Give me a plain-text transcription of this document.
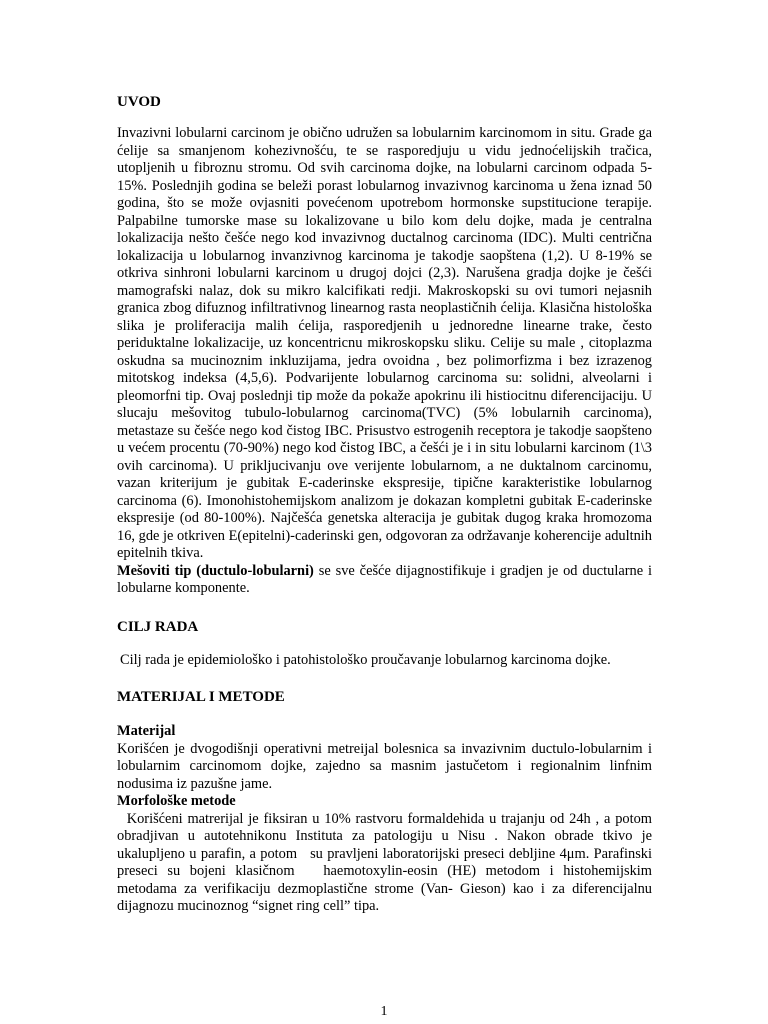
UVOD

Invazivni lobularni carcinom je obično udružen sa lobularnim karcinomom in situ. Grade ga ćelije sa smanjenom kohezivnošću, te se rasporedjuju u vidu jednoćelijskih tračica, utopljenih u fibroznu stromu. Od svih carcinoma dojke, na lobularni carcinom odpada 5-15%. Poslednjih godina se beleži porast lobularnog invazivnog karcinoma u žena iznad 50 godina, što se može ovjasniti povećenom upotrebom hormonske supstitucione terapije. Palpabilne tumorske mase su lokalizovane u bilo kom delu dojke, mada je centralna lokalizacija nešto češće nego kod invazivnog ductalnog carcinoma (IDC). Multi centrična lokalizacija u lobularnog invanzivnog karcinoma je takodje saopštena (1,2). U 8-19% se otkriva sinhroni lobularni karcinom u drugoj dojci (2,3). Narušena gradja dojke je češći mamografski nalaz, dok su mikro kalcifikati redji. Makroskopski su ovi tumori nejasnih granica zbog difuznog infiltrativnog linearnog rasta neoplastičnih ćelija. Klasična histološka slika je proliferacija malih ćelija, rasporedjenih u jednoredne linearne trake, često periduktalne lokalizacije, uz koncentricnu mikroskopsku sliku. Celije su male , citoplazma oskudna sa mucinoznim inkluzijama, jedra ovoidna , bez polimorfizma i bez izrazenog mitotskog indeksa (4,5,6). Podvarijente lobularnog carcinoma su: solidni, alveolarni i pleomorfni tip. Ovaj poslednji tip može da pokaže apokrinu ili histiocitnu diferencijaciju. U slucaju mešovitog tubulo-lobularnog carcinoma(TVC) (5% lobularnih carcinoma), metastaze su češće nego kod čistog IBC. Prisustvo estrogenih receptora je takodje saopšteno u većem procentu (70-90%) nego kod čistog IBC, a češći je i in situ lobularni karcinom (1\3 ovih carcinoma). U prikljucivanju ove verijente lobularnom, a ne duktalnom carcinomu, vazan kriterijum je gubitak E-caderinske ekspresije, tipične karakteristike lobularnog carcinoma (6). Imonohistohemijskom analizom je dokazan kompletni gubitak E-caderinske ekspresije (od 80-100%). Najčešća genetska alteracija je gubitak dugog kraka hromozoma 16, gde je otkriven E(epitelni)-caderinski gen, odgovoran za održavanje koherencije adultnih epitelnih tkiva.

Mešoviti tip (ductulo-lobularni) se sve češće dijagnostifikuje i gradjen je od ductularne i lobularne komponente.

CILJ RADA

Cilj rada je epidemiološko i patohistološko proučavanje lobularnog karcinoma dojke.

MATERIJAL I METODE
Materijal

Korišćen je dvogodišnji operativni metreijal bolesnica sa invazivnim ductulo-lobularnim i lobularnim carcinomom dojke, zajedno sa masnim jastučetom i regionalnim linfnim nodusima iz pazušne jame.

Morfološke metode

Korišćeni matrerijal je fiksiran u 10% rastvoru formaldehida u trajanju od 24h , a potom obradjivan u autotehnikonu Instituta za patologiju u Nisu . Nakon obrade tkivo je ukalupljeno u parafin, a potom   su pravljeni laboratorijski preseci debljine 4μm. Parafinski preseci su bojeni klasičnom   haemotoxylin-eosin (HE) metodom i histohemijskim metodama za verifikaciju dezmoplastične strome (Van- Gieson) kao i za diferencijalnu dijagnozu mucinoznog “signet ring cell” tipa.

1
